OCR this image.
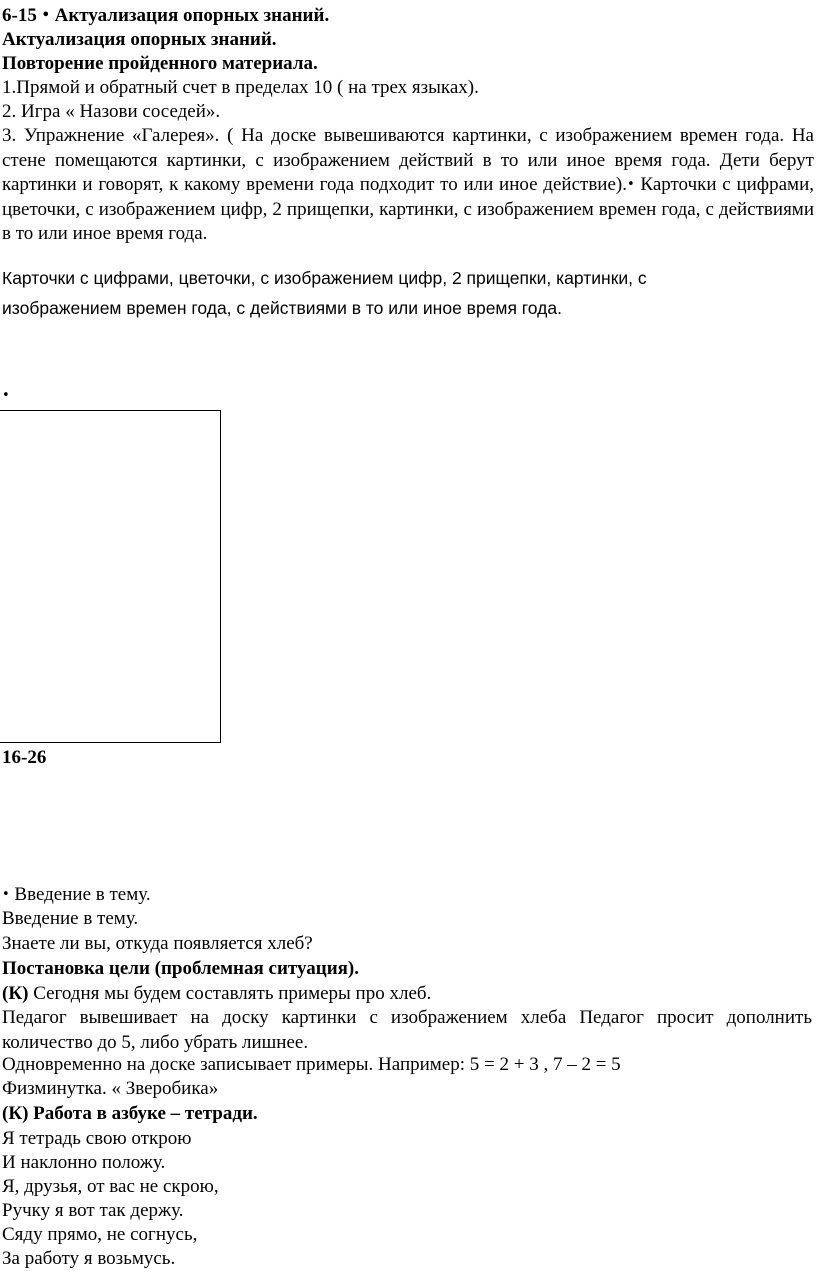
6-15 • Актуализация опорных знаний.
Актуализация опорных знаний.
Повторение пройденного материала.
1.Прямой и обратный счет в пределах 10 ( на трех языках).
2. Игра « Назови соседей».
3. Упражнение «Галерея». ( На доске вывешиваются картинки, с изображением времен года. На стене помещаются картинки, с изображением действий в то или иное время года. Дети берут картинки и говорят, к какому времени года подходит то или иное действие).• Карточки с цифрами, цветочки, с изображением цифр, 2 прищепки, картинки, с изображением времен года, с действиями в то или иное время года.
Карточки с цифрами, цветочки, с изображением цифр, 2 прищепки, картинки, с изображением времен года, с действиями в то или иное время года.
•
16-26
• Введение в тему.
Введение в тему.
Знаете ли вы, откуда появляется хлеб?
Постановка цели (проблемная ситуация).
(К) Сегодня мы будем составлять примеры про хлеб.
Педагог вывешивает на доску картинки с изображением хлеба Педагог просит дополнить количество до 5, либо убрать лишнее.
Одновременно на доске записывает примеры. Например: 5 = 2 + 3 , 7 – 2 = 5
Физминутка. « Зверобика»
(К) Работа в азбуке – тетради.
Я тетрадь свою открою
И наклонно положу.
Я, друзья, от вас не скрою,
Ручку я вот так держу.
Сяду прямо, не согнусь,
За работу я возьмусь.
